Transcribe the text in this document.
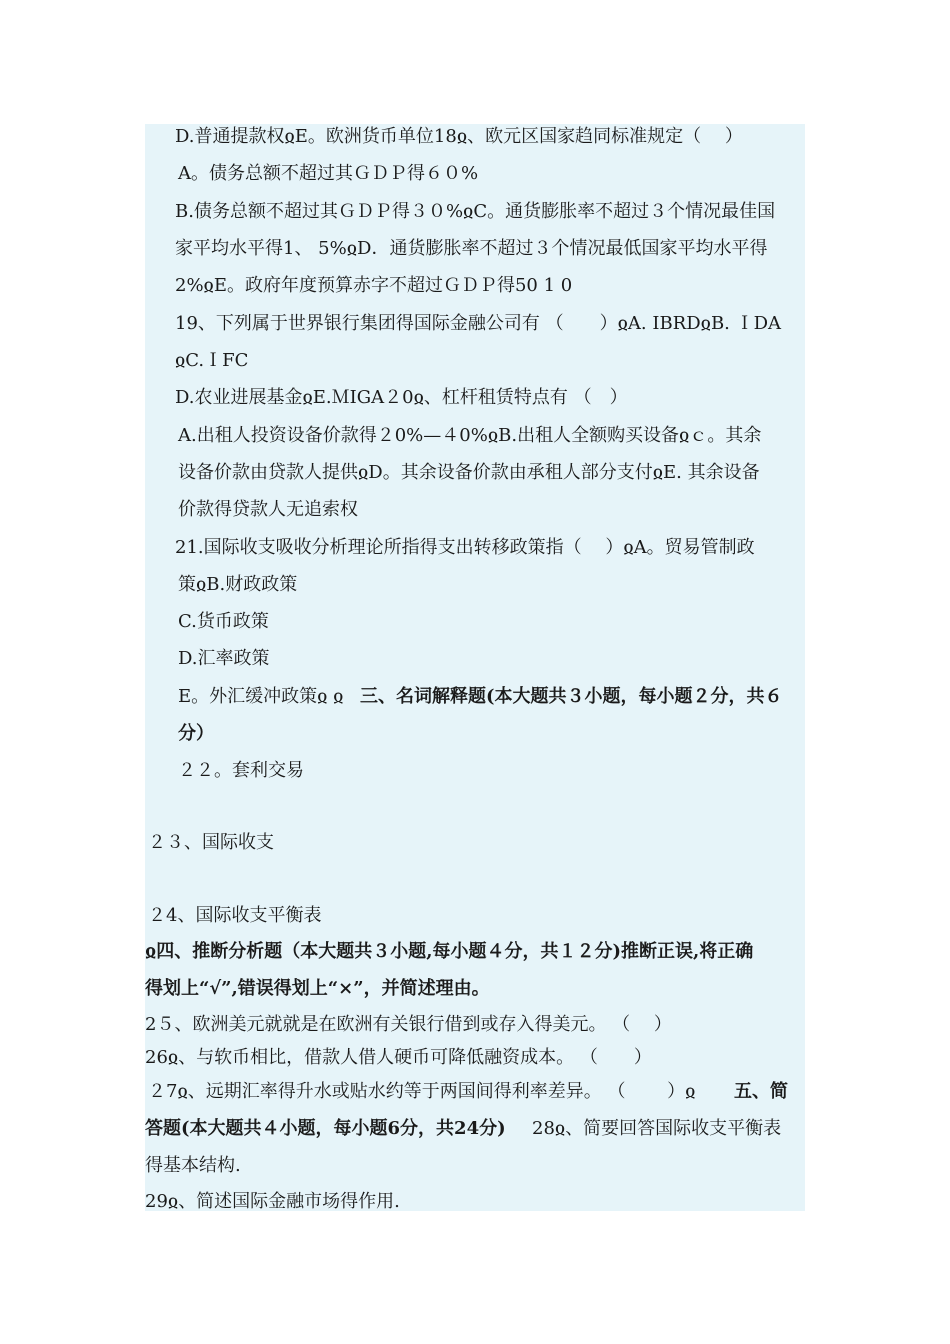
D.普通提款权ჲE。欧洲货币单位18ჲ、欧元区国家趋同标准规定（　 ）
A。债务总额不超过其ＧＤＰ得６０%
B.债务总额不超过其ＧＤＰ得３０%ჲC。通货膨胀率不超过３个情况最佳国
家平均水平得1、 5%ჲD．通货膨胀率不超过３个情况最低国家平均水平得
2%ჲE。政府年度预算赤字不超过ＧＤＰ得50 1 0
19、下列属于世界银行集团得国际金融公司有 （　　）ჲA. IBRDჲB. ＩDA
ჲC.ＩFC
D.农业进展基金ჲE.ＭIGA２0ჲ、杠杆租赁特点有 （　）
A.出租人投资设备价款得２0%—４0%ჲB.出租人全额购买设备ჲｃ。其余
设备价款由贷款人提供ჲD。其余设备价款由承租人部分支付ჲE. 其余设备
价款得贷款人无追索权
21.国际收支吸收分析理论所指得支出转移政策指（　 ）ჲA。贸易管制政
策ჲB.财政政策
C.货币政策
D.汇率政策
E。外汇缓冲政策ჲ ჲ 三、名词解释题(本大题共３小题，每小题２分，共６
分）
２２。套利交易
２３、国际收支
２4、国际收支平衡表
ჲ四、推断分析题（本大题共３小题,每小题４分，共１２分)推断正误,将正确
得划上“√”,错误得划上“×”，并简述理由。
2５、欧洲美元就就是在欧洲有关银行借到或存入得美元。 （　 ）
26ჲ、与软币相比，借款人借人硬币可降低融资成本。 （　　）
２7ჲ、远期汇率得升水或贴水约等于两国间得利率差异。 （　　 ）ჲ 五、简
答题(本大题共４小题，每小题6分，共24分) 28ჲ、简要回答国际收支平衡表
得基本结构.
29ჲ、简述国际金融市场得作用.
